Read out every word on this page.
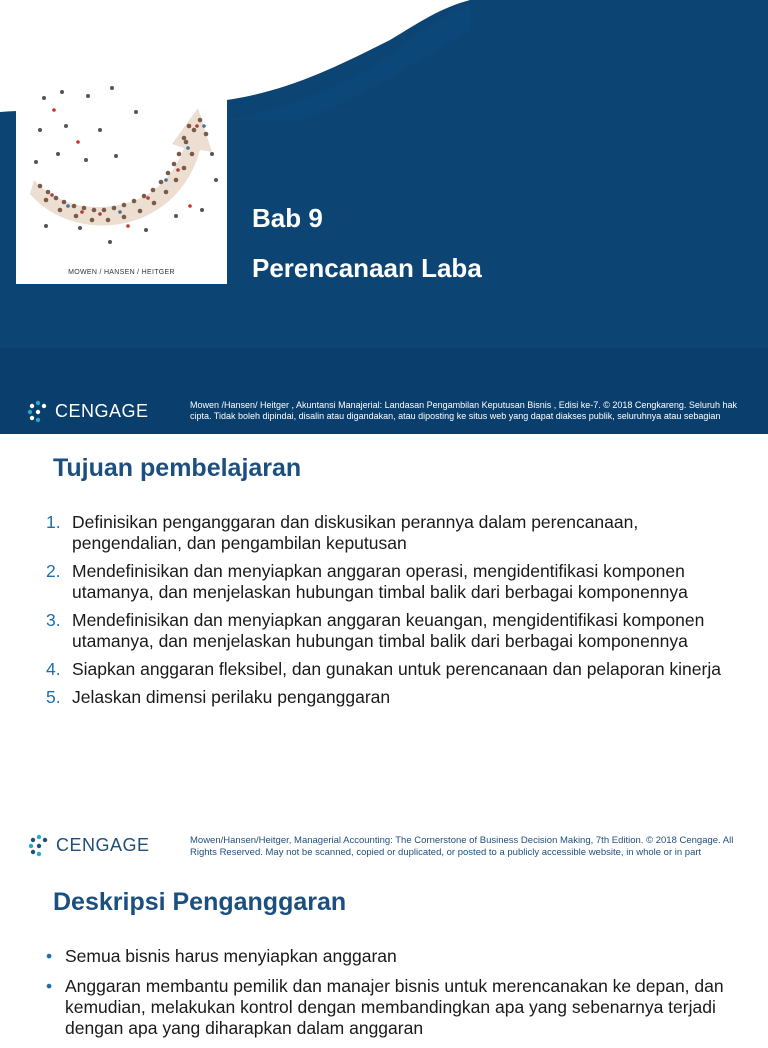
MOWEN / HANSEN / HEITGER
Bab 9
Perencanaan Laba
CENGAGE	Mowen /Hansen/ Heitger , Akuntansi Manajerial: Landasan Pengambilan Keputusan Bisnis , Edisi ke-7. © 2018 Cengkareng. Seluruh hak cipta. Tidak boleh dipindai, disalin atau digandakan, atau diposting ke situs web yang dapat diakses publik, seluruhnya atau sebagian
Tujuan pembelajaran
1. Definisikan penganggaran dan diskusikan perannya dalam perencanaan, pengendalian, dan pengambilan keputusan
2. Mendefinisikan dan menyiapkan anggaran operasi, mengidentifikasi komponen utamanya, dan menjelaskan hubungan timbal balik dari berbagai komponennya
3. Mendefinisikan dan menyiapkan anggaran keuangan, mengidentifikasi komponen utamanya, dan menjelaskan hubungan timbal balik dari berbagai komponennya
4. Siapkan anggaran fleksibel, dan gunakan untuk perencanaan dan pelaporan kinerja
5. Jelaskan dimensi perilaku penganggaran
CENGAGE	Mowen/Hansen/Heitger, Managerial Accounting: The Cornerstone of Business Decision Making, 7th Edition. © 2018 Cengage. All Rights Reserved. May not be scanned, copied or duplicated, or posted to a publicly accessible website, in whole or in part
Deskripsi Penganggaran
• Semua bisnis harus menyiapkan anggaran
• Anggaran membantu pemilik dan manajer bisnis untuk merencanakan ke depan, dan kemudian, melakukan kontrol dengan membandingkan apa yang sebenarnya terjadi dengan apa yang diharapkan dalam anggaran
